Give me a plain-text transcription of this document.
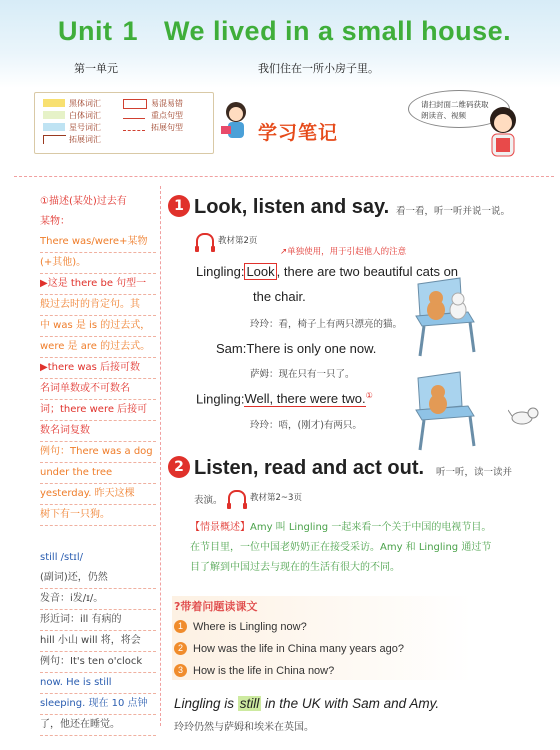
Unit 1 We lived in a small house.
第一单元	我们住在一所小房子里。
黑体词汇
白体词汇
星号词汇
拓展词汇
易混易错
重点句型
拓展句型	学习笔记
请扫封面二维码获取
朗读音、视频
①描述(某处)过去有
某物：
There was/were+某物
(+其他)。
▶这是 there be 句型一
般过去时的肯定句。其
中 was 是 is 的过去式，
were 是 are 的过去式。
▶there was 后接可数
名词单数或不可数名
词；there were 后接可
数名词复数
例句：There was a dog
under the tree
yesterday. 昨天这棵
树下有一只狗。
still /stɪl/
(副词)还，仍然
发音：i发/ɪ/。
形近词：ill 有病的
hill 小山 will 将，将会
例句：It's ten o'clock
now. He is still
sleeping. 现在 10 点钟
了，他还在睡觉。
1 Look, listen and say. 看一看，听一听并说一说。
教材第2页
↗单独使用，用于引起他人的注意
Lingling: Look , there are two beautiful cats on
the chair.
玲玲：看，椅子上有两只漂亮的猫。
Sam:There is only one now.
萨姆：现在只有一只了。
Lingling:Well, there were two.①
玲玲：唔，(刚才)有两只。
2 Listen, read and act out. 听一听，读一读并
表演。	教材第2~3页
【情景概述】Amy 叫 Lingling 一起来看一个关于中国的电视节目。
在节目里，一位中国老奶奶正在接受采访。Amy 和 Lingling 通过节
目了解到中国过去与现在的生活有很大的不同。
?带着问题读课文
1 Where is Lingling now?
2 How was the life in China many years ago?
3 How is the life in China now?
Lingling is still in the UK with Sam and Amy.
玲玲仍然与萨姆和埃米在英国。
